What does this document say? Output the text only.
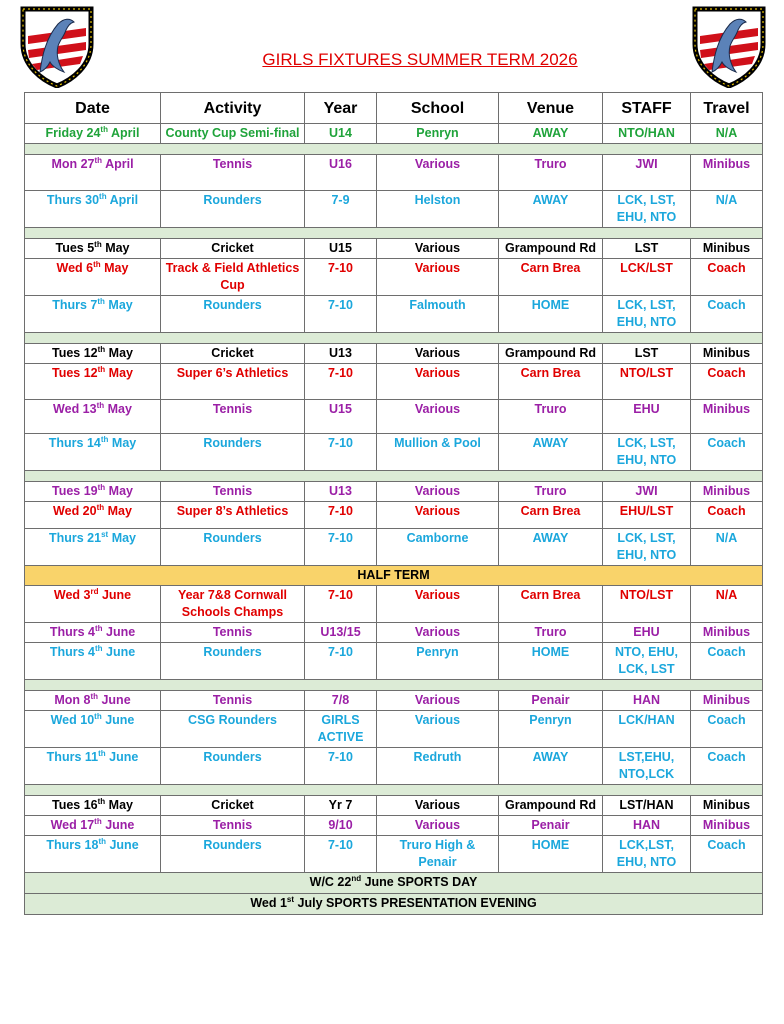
GIRLS FIXTURES SUMMER TERM 2026
Date	Activity	Year	School	Venue	STAFF	Travel
Friday 24th April	County Cup Semi-final	U14	Penryn	AWAY	NTO/HAN	N/A

Mon 27th April	Tennis	U16	Various	Truro	JWI	Minibus
Thurs 30th April	Rounders	7-9	Helston	AWAY	LCK, LST, EHU, NTO	N/A

Tues 5th May	Cricket	U15	Various	Grampound Rd	LST	Minibus
Wed 6th May	Track & Field Athletics Cup	7-10	Various	Carn Brea	LCK/LST	Coach
Thurs 7th May	Rounders	7-10	Falmouth	HOME	LCK, LST, EHU, NTO	Coach

Tues 12th May	Cricket	U13	Various	Grampound Rd	LST	Minibus
Tues 12th May	Super 6’s Athletics	7-10	Various	Carn Brea	NTO/LST	Coach
Wed 13th May	Tennis	U15	Various	Truro	EHU	Minibus
Thurs 14th May	Rounders	7-10	Mullion & Pool	AWAY	LCK, LST, EHU, NTO	Coach

Tues 19th May	Tennis	U13	Various	Truro	JWI	Minibus
Wed 20th May	Super 8’s Athletics	7-10	Various	Carn Brea	EHU/LST	Coach
Thurs 21st May	Rounders	7-10	Camborne	AWAY	LCK, LST, EHU, NTO	N/A
HALF TERM						
Wed 3rd June	Year 7&8 Cornwall Schools Champs	7-10	Various	Carn Brea	NTO/LST	N/A
Thurs 4th June	Tennis	U13/15	Various	Truro	EHU	Minibus
Thurs 4th June	Rounders	7-10	Penryn	HOME	NTO, EHU, LCK, LST	Coach

Mon 8th June	Tennis	7/8	Various	Penair	HAN	Minibus
Wed 10th June	CSG Rounders	GIRLS ACTIVE	Various	Penryn	LCK/HAN	Coach
Thurs 11th June	Rounders	7-10	Redruth	AWAY	LST,EHU, NTO,LCK	Coach

Tues 16th May	Cricket	Yr 7	Various	Grampound Rd	LST/HAN	Minibus
Wed 17th June	Tennis	9/10	Various	Penair	HAN	Minibus
Thurs 18th June	Rounders	7-10	Truro High & Penair	HOME	LCK,LST, EHU, NTO	Coach
W/C 22nd June SPORTS DAY						
Wed 1st July SPORTS PRESENTATION EVENING						
